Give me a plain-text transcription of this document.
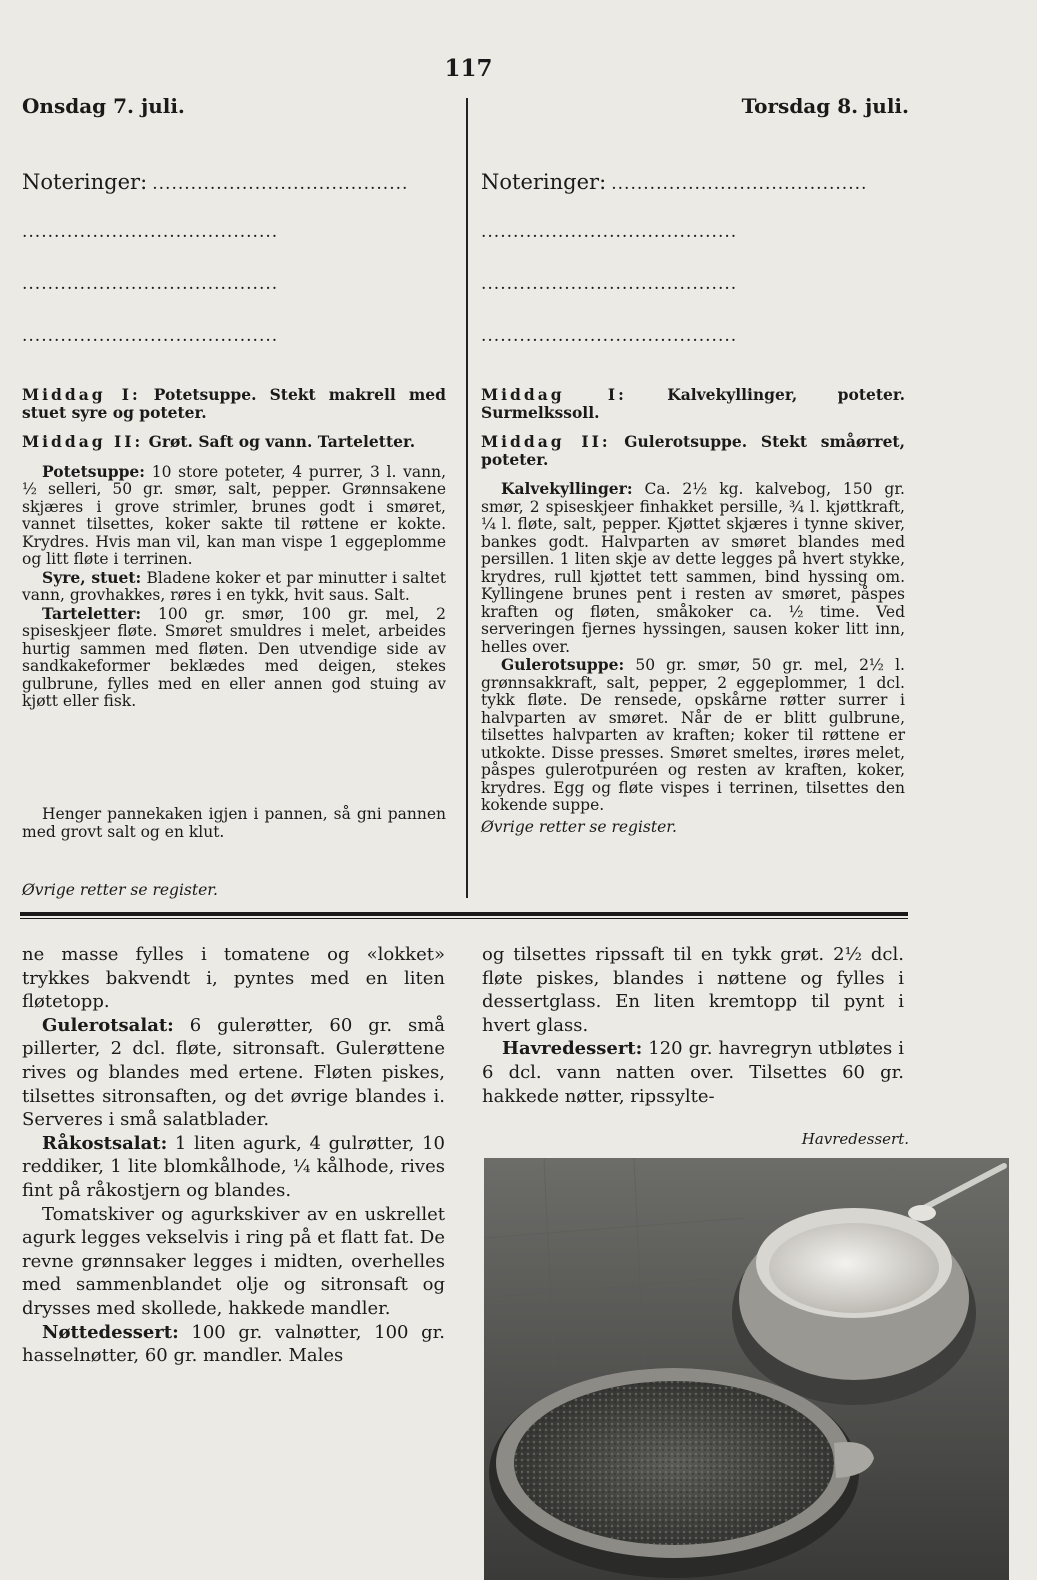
117
Onsdag 7. juli.	Torsdag 8. juli.
Noteringer: ........................................
........................................
........................................
........................................
Noteringer: ........................................
........................................
........................................
........................................

Middag I: Potetsuppe. Stekt makrell med stuet syre og poteter.

Middag II: Grøt. Saft og vann. Tarteletter.

Potetsuppe: 10 store poteter, 4 purrer, 3 l. vann, ½ selleri, 50 gr. smør, salt, pepper. Grønnsakene skjæres i grove strimler, brunes godt i smøret, vannet tilsettes, koker sakte til røttene er kokte. Krydres. Hvis man vil, kan man vispe 1 eggeplomme og litt fløte i terrinen.

Syre, stuet: Bladene koker et par minutter i saltet vann, grovhakkes, røres i en tykk, hvit saus. Salt.

Tarteletter: 100 gr. smør, 100 gr. mel, 2 spiseskjeer fløte. Smøret smuldres i melet, arbeides hurtig sammen med fløten. Den utvendige side av sandkakeformer beklædes med deigen, stekes gulbrune, fylles med en eller annen god stuing av kjøtt eller fisk.

Henger pannekaken igjen i pannen, så gni pannen med grovt salt og en klut.
Øvrige retter se register.

Middag I:	Kalvekyllinger, poteter. Surmelkssoll.

Middag II: Gulerotsuppe. Stekt småørret, poteter.

Kalvekyllinger: Ca. 2½ kg. kalvebog, 150 gr. smør, 2 spiseskjeer finhakket persille, ¾ l. kjøttkraft, ¼ l. fløte, salt, pepper. Kjøttet skjæres i tynne skiver, bankes godt. Halvparten av smøret blandes med persillen. 1 liten skje av dette legges på hvert stykke, krydres, rull kjøttet tett sammen, bind hyssing om. Kyllingene brunes pent i resten av smøret, påspes kraften og fløten, småkoker ca. ½ time. Ved serveringen fjernes hyssingen, sausen koker litt inn, helles over.

Gulerotsuppe: 50 gr. smør, 50 gr. mel, 2½ l. grønnsakkraft, salt, pepper, 2 eggeplommer, 1 dcl. tykk fløte. De rensede, opskårne røtter surrer i halvparten av smøret. Når de er blitt gulbrune, tilsettes halvparten av kraften; koker til røttene er utkokte. Disse presses. Smøret smeltes, irøres melet, påspes gulerotpuréen og resten av kraften, koker, krydres. Egg og fløte vispes i terrinen, tilsettes den kokende suppe.

Øvrige retter se register.

ne masse fylles i tomatene og «lokket» trykkes bakvendt i, pyntes med en liten fløtetopp.

Gulerotsalat: 6 gulerøtter, 60 gr. små pillerter, 2 dcl. fløte, sitronsaft. Gulerøttene rives og blandes med ertene. Fløten piskes, tilsettes sitronsaften, og det øvrige blandes i. Serveres i små salatblader.

Råkostsalat: 1 liten agurk, 4 gulrøtter, 10 reddiker, 1 lite blomkålhode, ¼ kålhode, rives fint på råkostjern og blandes.

Tomatskiver og agurkskiver av en uskrellet agurk legges vekselvis i ring på et flatt fat. De revne grønnsaker legges i midten, overhelles med sammenblandet olje og sitronsaft og drysses med skollede, hakkede mandler.

Nøttedessert: 100 gr. valnøtter, 100 gr. hasselnøtter, 60 gr. mandler. Males

og tilsettes ripssaft til en tykk grøt. 2½ dcl. fløte piskes, blandes i nøttene og fylles i dessertglass. En liten kremtopp til pynt i hvert glass.

Havredessert: 120 gr. havregryn utbløtes i 6 dcl. vann natten over. Tilsettes 60 gr. hakkede nøtter, ripssylte-

Havredessert.
